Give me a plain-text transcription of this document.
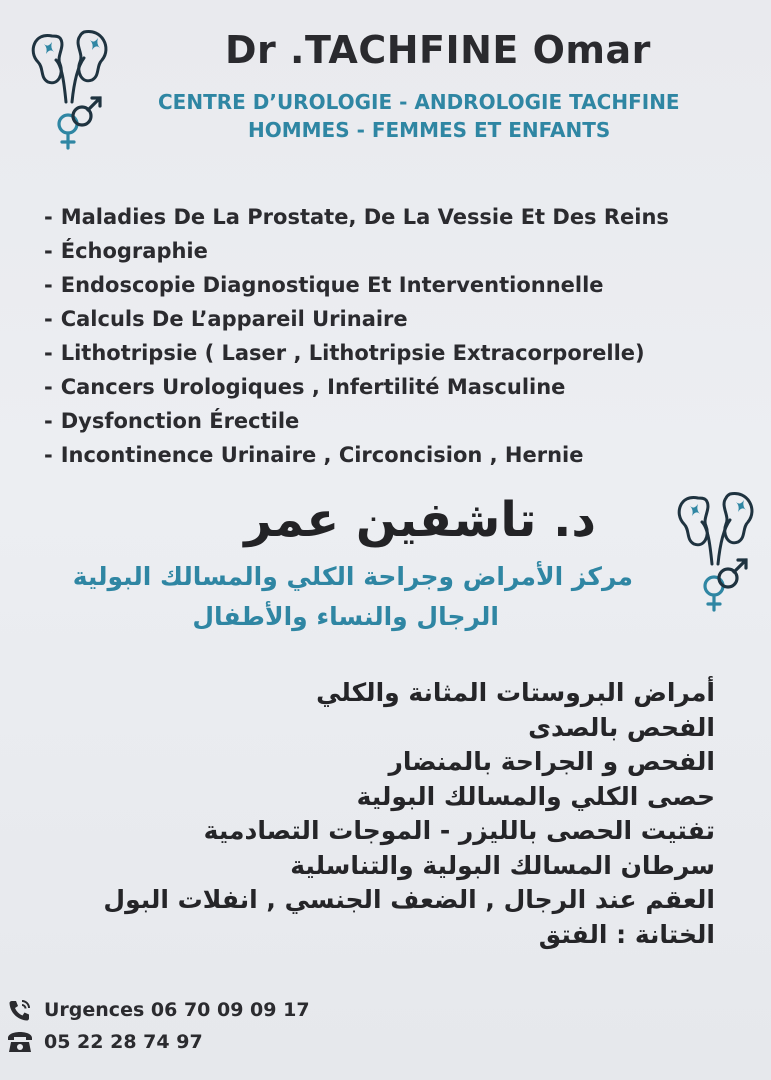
Dr .TACHFINE Omar
CENTRE D’UROLOGIE - ANDROLOGIE TACHFINE
HOMMES - FEMMES ET ENFANTS
- Maladies De La Prostate, De La Vessie Et Des Reins
- Échographie
- Endoscopie Diagnostique Et Interventionnelle
- Calculs De L’appareil Urinaire
- Lithotripsie ( Laser , Lithotripsie Extracorporelle)
- Cancers Urologiques , Infertilité Masculine
- Dysfonction Érectile
- Incontinence Urinaire , Circoncision , Hernie
د. تاشفين عمر
مركز الأمراض وجراحة الكلي والمسالك البولية
الرجال والنساء والأطفال
أمراض البروستات المثانة والكلي
الفحص بالصدى
الفحص و الجراحة بالمنضار
حصى الكلي والمسالك البولية
تفتيت الحصى بالليزر - الموجات التصادمية
سرطان المسالك البولية والتناسلية
العقم عند الرجال , الضعف الجنسي , انفلات البول
الختانة : الفتق
Urgences 06 70 09 09 17
05 22 28 74 97
